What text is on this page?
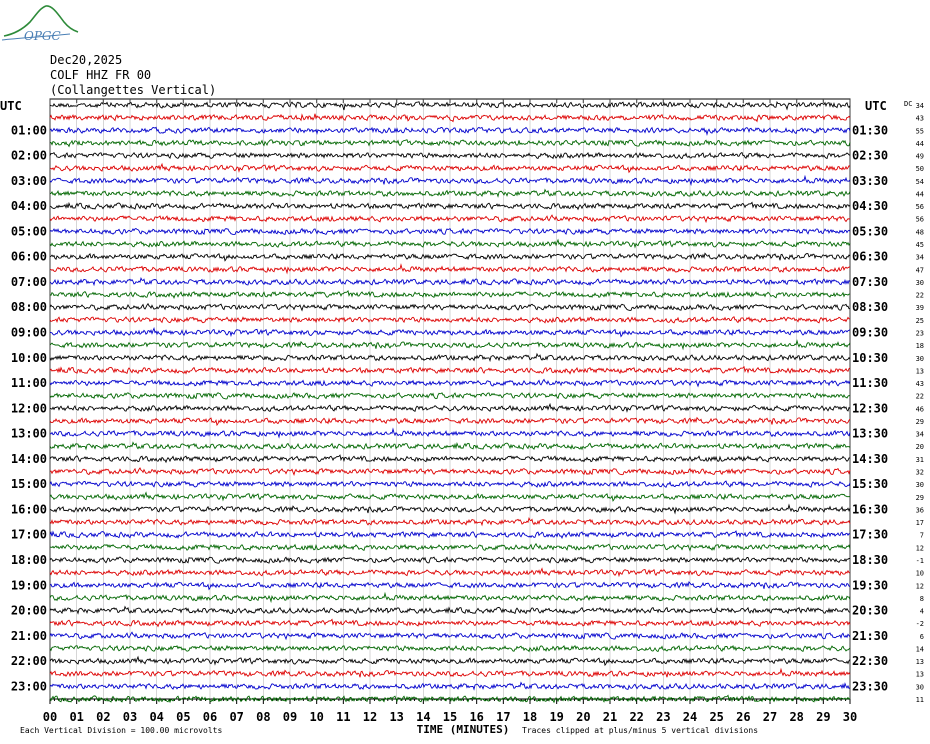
OPGC
Dec20,2025
COLF HHZ FR 00
(Collangettes Vertical)
UTC	UTC DC
01:00
02:00
03:00
04:00
05:00
06:00
07:00
08:00
09:00
10:00
11:00
12:00
13:00
14:00
15:00
16:00
17:00
18:00
19:00
20:00
21:00
22:00
23:00
01:30
02:30
03:30
04:30
05:30
06:30
07:30
08:30
09:30
10:30
11:30
12:30
13:30
14:30
15:30
16:30
17:30
18:30
19:30
20:30
21:30
22:30
23:30
34
43
55
44
49
50
54
44
56
56
48
45
34
47
30
22
39
25
23
18
30
13
43
22
46
29
34
20
31
32
30
29
36
17
7
12
-1
10
12
8
4
-2
6
14
13
13
30
11
00 01 02 03 04 05 06 07 08 09 10 11 12 13 14 15 16 17 18 19 20 21 22 23 24 25 26 27 28 29 30
TIME (MINUTES)
Each Vertical Division = 100.00 microvolts	Traces clipped at plus/minus 5 vertical divisions
